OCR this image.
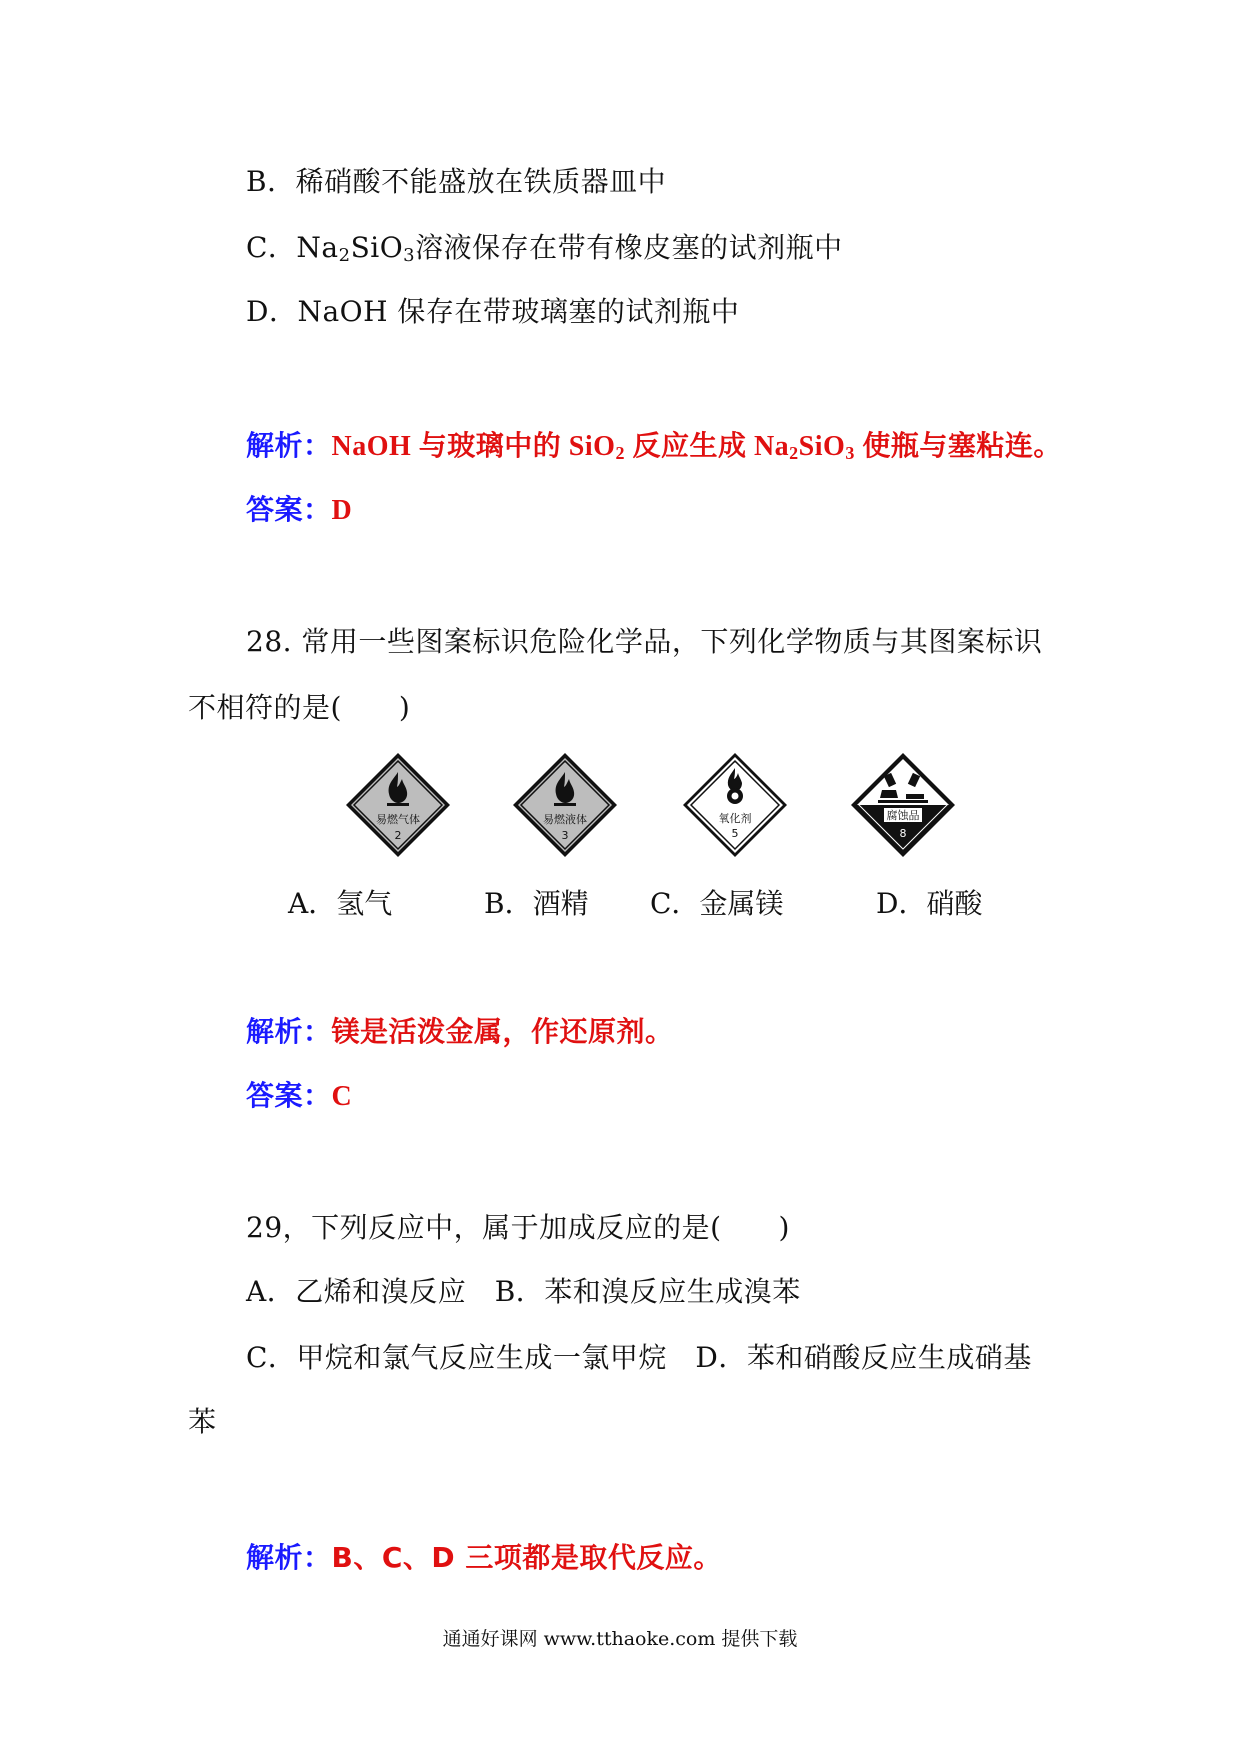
B．稀硝酸不能盛放在铁质器皿中
C．$Na_2SiO_3$溶液保存在带有橡皮塞的试剂瓶中
D．NaOH 保存在带玻璃塞的试剂瓶中
解析：NaOH 与玻璃中的 SiO$_2$ 反应生成 $Na_2SiO_3$ 使瓶与塞粘连。
答案：D
28. 常用一些图案标识危险化学品，下列化学物质与其图案标识
不相符的是(　　)
易燃气体
2
易燃液体
3
氧化剂
5
腐蚀品
8
A．氢气	B．酒精 C．金属镁	D．硝酸
解析：镁是活泼金属，作还原剂。
答案：C
29，下列反应中，属于加成反应的是(　　)
A．乙烯和溴反应　B．苯和溴反应生成溴苯
C．甲烷和氯气反应生成一氯甲烷　D．苯和硝酸反应生成硝基
苯
解析：B、C、D 三项都是取代反应。
通通好课网 www.tthaoke.com 提供下载
